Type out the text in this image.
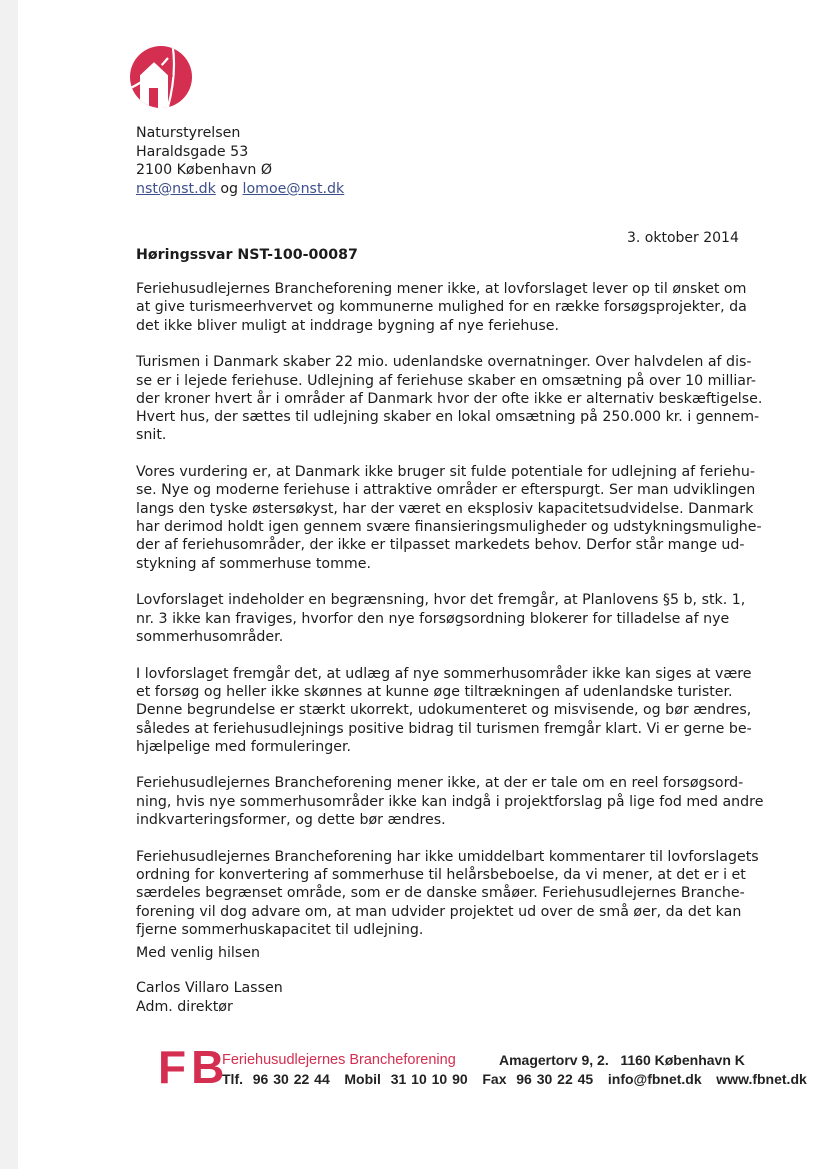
Naturstyrelsen
Haraldsgade 53
2100 København Ø
nst@nst.dk og lomoe@nst.dk
3. oktober 2014
Høringssvar NST-100-00087

Feriehusudlejernes Brancheforening mener ikke, at lovforslaget lever op til ønsket om
at give turismeerhvervet og kommunerne mulighed for en række forsøgsprojekter, da
det ikke bliver muligt at inddrage bygning af nye feriehuse.

Turismen i Danmark skaber 22 mio. udenlandske overnatninger. Over halvdelen af dis-
se er i lejede feriehuse. Udlejning af feriehuse skaber en omsætning på over 10 milliar-
der kroner hvert år i områder af Danmark hvor der ofte ikke er alternativ beskæftigelse.
Hvert hus, der sættes til udlejning skaber en lokal omsætning på 250.000 kr. i gennem-
snit.

Vores vurdering er, at Danmark ikke bruger sit fulde potentiale for udlejning af feriehu-
se. Nye og moderne feriehuse i attraktive områder er efterspurgt. Ser man udviklingen
langs den tyske østersøkyst, har der været en eksplosiv kapacitetsudvidelse. Danmark
har derimod holdt igen gennem svære finansieringsmuligheder og udstykningsmulighe-
der af feriehusområder, der ikke er tilpasset markedets behov. Derfor står mange ud-
stykning af sommerhuse tomme.

Lovforslaget indeholder en begrænsning, hvor det fremgår, at Planlovens §5 b, stk. 1,
nr. 3 ikke kan fraviges, hvorfor den nye forsøgsordning blokerer for tilladelse af nye
sommerhusområder.

I lovforslaget fremgår det, at udlæg af nye sommerhusområder ikke kan siges at være
et forsøg og heller ikke skønnes at kunne øge tiltrækningen af udenlandske turister.
Denne begrundelse er stærkt ukorrekt, udokumenteret og misvisende, og bør ændres,
således at feriehusudlejnings positive bidrag til turismen fremgår klart. Vi er gerne be-
hjælpelige med formuleringer.

Feriehusudlejernes Brancheforening mener ikke, at der er tale om en reel forsøgsord-
ning, hvis nye sommerhusområder ikke kan indgå i projektforslag på lige fod med andre
indkvarteringsformer, og dette bør ændres.

Feriehusudlejernes Brancheforening har ikke umiddelbart kommentarer til lovforslagets
ordning for konvertering af sommerhuse til helårsbeboelse, da vi mener, at det er i et
særdeles begrænset område, som er de danske småøer. Feriehusudlejernes Branche-
forening vil dog advare om, at man udvider projektet ud over de små øer, da det kan
fjerne sommerhuskapacitet til udlejning.

Med venlig hilsen
Carlos Villaro Lassen
Adm. direktør
FB
Feriehusudlejernes Brancheforening	Amagertorv 9, 2.   1160 København K
Tlf.  96 30 22 44   Mobil  31 10 10 90   Fax  96 30 22 45   info@fbnet.dk   www.fbnet.dk
